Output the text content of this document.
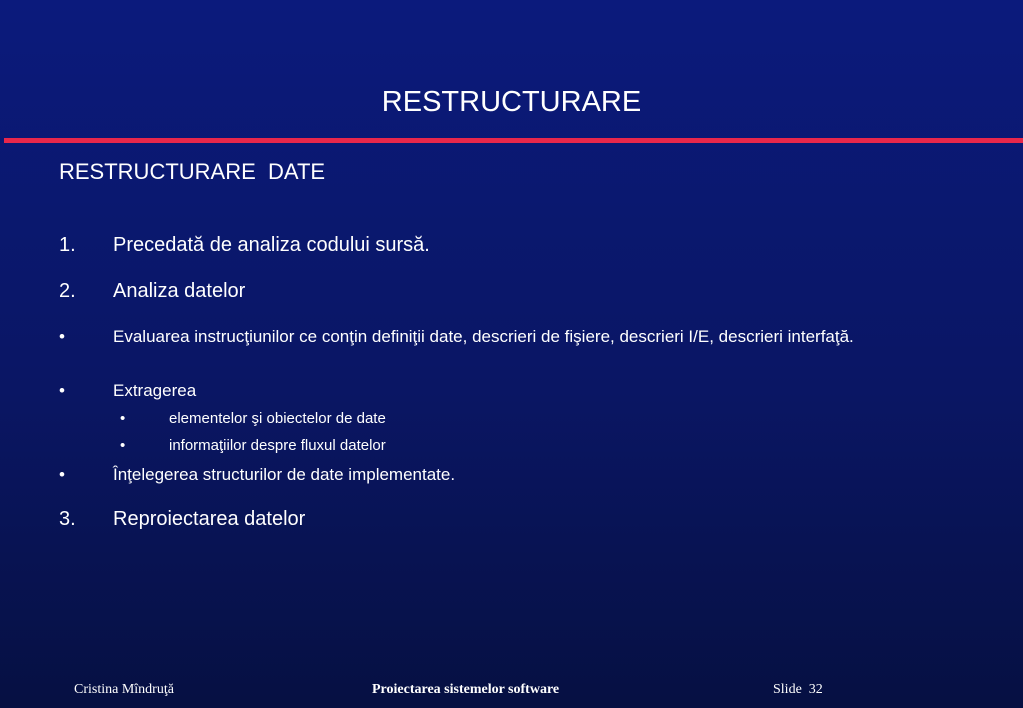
RESTRUCTURARE
RESTRUCTURARE  DATE
1. Precedată de analiza codului sursă.
2. Analiza datelor
•	Evaluarea instrucţiunilor ce conţin definiţii date, descrieri de fişiere, descrieri I/E, descrieri interfaţă.
•	Extragerea
•	elementelor şi obiectelor de date
•	informaţiilor despre fluxul datelor
•	Înţelegerea structurilor de date implementate.
3. Reproiectarea datelor
Cristina Mîndruţă	Proiectarea sistemelor software	Slide  32
